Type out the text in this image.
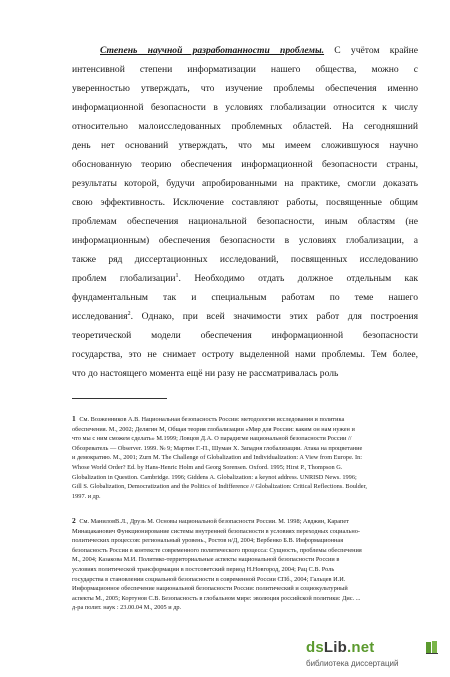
Степень научной разработанности проблемы. С учётом крайне
интенсивной степени информатизации нашего общества, можно с
уверенностью утверждать, что изучение проблемы обеспечения именно
информационной безопасности в условиях глобализации относится к числу
относительно малоисследованных проблемных областей. На сегодняшний
день нет оснований утверждать, что мы имеем сложившуюся научно
обоснованную теорию обеспечения информационной безопасности страны,
результаты которой, будучи апробированными на практике, смогли доказать
свою эффективность. Исключение составляют работы, посвященные общим
проблемам обеспечения национальной безопасности, иным областям (не
информационным) обеспечения безопасности в условиях глобализации, а
также ряд диссертационных исследований, посвященных исследованию
проблем глобализации$^1$. Необходимо отдать должное отдельным как
фундаментальным так и специальным работам по теме нашего
исследования$^2$. Однако, при всей значимости этих работ для построения
теоретической модели обеспечения информационной безопасности
государства, это не снимает остроту выделенной нами проблемы. Тем более,
что до настоящего момента ещё ни разу не рассматривалась роль
1 См. Возженников А.В. Национальная безопасность России: методология исследования и политика
обеспечения. М., 2002; Делягин М, Общая теория глобализации «Мир для России: каким он нам нужен и
что мы с ним сможем сделать» М.1999; Ловцов Д.А. О парадигме национальной безопасности России //
Обозреватель — Observer. 1999. № 9; Мартин Г.-П., Шуман Х. Западня глобализации. Атака на процветание
и демократию. М., 2001; Zurn M. The Challenge of Globalization and Individualization: A View from Europe. In:
Whose World Order? Ed. by Hans-Henric Holm and Georg Sorensen. Oxford. 1995; Hirst P., Thompson G.
Globalization in Question. Cambridge. 1996; Giddens A. Globalization: a keynot address. UNRISD News. 1996;
Gill S. Globalization, Democratization and the Politics of Indifference // Globalization: Critical Reflections. Boulder,
1997. и др.
2 См. МаниловВ.Л., Друзь М. Основы национальной безопасности России. М. 1998; Авджян, Карапет
Минацаканович Функционирование системы внутренней безопасности в условиях переходных социально-
политических процессов: региональный уровень., Ростов н/Д, 2004; Вербенко Б.В. Информационная
безопасность России в контексте современного политического процесса: Сущность, проблемы обеспечения
М., 2004; Казакова М.И. Политико-территориальные аспекты национальной безопасности России в
условиях политической трансформации в постсоветский период Н.Новгород, 2004; Рац С.В. Роль
государства в становлении социальной безопасности в современной России СПб., 2004; Гальцев И.И.
Информационное обеспечение национальной безопасности России: политический и социокультурный
аспекты М., 2005; Кортунов С.В. Безопасность в глобальном мире: эволюция российской политики: Дис. ...
д-ра полит. наук : 23.00.04 М., 2005 и др.
dsLib.net
библиотека диссертаций
